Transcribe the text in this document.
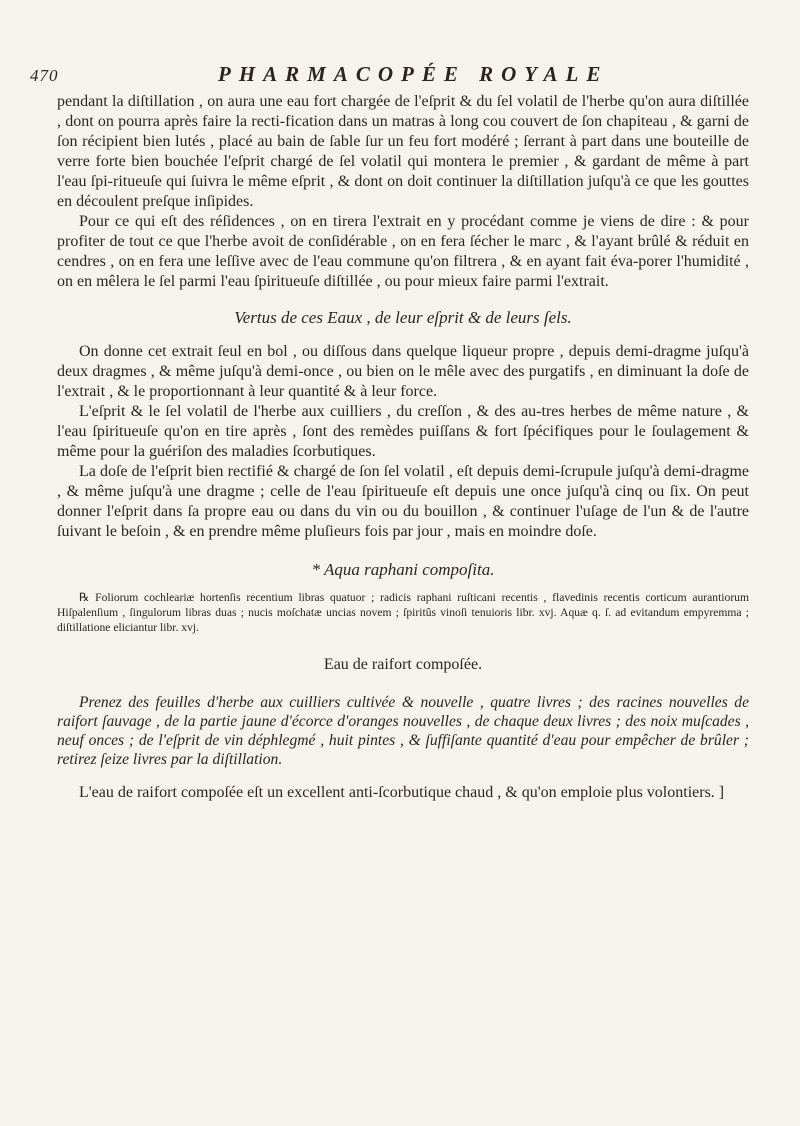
470	PHARMACOPÉE ROYALE

pendant la diſtillation , on aura une eau fort chargée de l'eſprit & du ſel volatil de l'herbe qu'on aura diſtillée , dont on pourra après faire la recti-fication dans un matras à long cou couvert de ſon chapiteau , & garni de ſon récipient bien lutés , placé au bain de ſable ſur un feu fort modéré ; ſerrant à part dans une bouteille de verre forte bien bouchée l'eſprit chargé de ſel volatil qui montera le premier , & gardant de même à part l'eau ſpi-ritueuſe qui ſuivra le même eſprit , & dont on doit continuer la diſtillation juſqu'à ce que les gouttes en découlent preſque inſipides.

Pour ce qui eſt des réſidences , on en tirera l'extrait en y procédant comme je viens de dire : & pour profiter de tout ce que l'herbe avoit de conſidérable , on en fera ſécher le marc , & l'ayant brûlé & réduit en cendres , on en fera une leſſive avec de l'eau commune qu'on filtrera , & en ayant fait éva-porer l'humidité , on en mêlera le ſel parmi l'eau ſpiritueuſe diſtillée , ou pour mieux faire parmi l'extrait.

Vertus de ces Eaux , de leur eſprit & de leurs ſels.

On donne cet extrait ſeul en bol , ou diſſous dans quelque liqueur propre , depuis demi-dragme juſqu'à deux dragmes , & même juſqu'à demi-once , ou bien on le mêle avec des purgatifs , en diminuant la doſe de l'extrait , & le proportionnant à leur quantité & à leur force.

L'eſprit & le ſel volatil de l'herbe aux cuilliers , du creſſon , & des au-tres herbes de même nature , & l'eau ſpiritueuſe qu'on en tire après , ſont des remèdes puiſſans & fort ſpécifiques pour le ſoulagement & même pour la guériſon des maladies ſcorbutiques.

La doſe de l'eſprit bien rectifié & chargé de ſon ſel volatil , eſt depuis demi-ſcrupule juſqu'à demi-dragme , & même juſqu'à une dragme ; celle de l'eau ſpiritueuſe eſt depuis une once juſqu'à cinq ou ſix. On peut donner l'eſprit dans ſa propre eau ou dans du vin ou du bouillon , & continuer l'uſage de l'un & de l'autre ſuivant le beſoin , & en prendre même pluſieurs fois par jour , mais en moindre doſe.

* Aqua raphani compoſita.

℞ Foliorum cochleariæ hortenſis recentium libras quatuor ; radicis raphani ruſticani recentis , flavedinis recentis corticum aurantiorum Hiſpalenſium , ſingulorum libras duas ; nucis moſchatæ uncias novem ; ſpiritûs vinoſi tenuioris libr. xvj. Aquæ q. ſ. ad evitandum empyremma ; diſtillatione eliciantur libr. xvj.

Eau de raifort compoſée.

Prenez des feuilles d'herbe aux cuilliers cultivée & nouvelle , quatre livres ; des racines nouvelles de raifort ſauvage , de la partie jaune d'écorce d'oranges nouvelles , de chaque deux livres ; des noix muſcades , neuf onces ; de l'eſprit de vin déphlegmé , huit pintes , & ſuffiſante quantité d'eau pour empêcher de brûler ; retirez ſeize livres par la diſtillation.

L'eau de raifort compoſée eſt un excellent anti-ſcorbutique chaud , & qu'on emploie plus volontiers. ]
